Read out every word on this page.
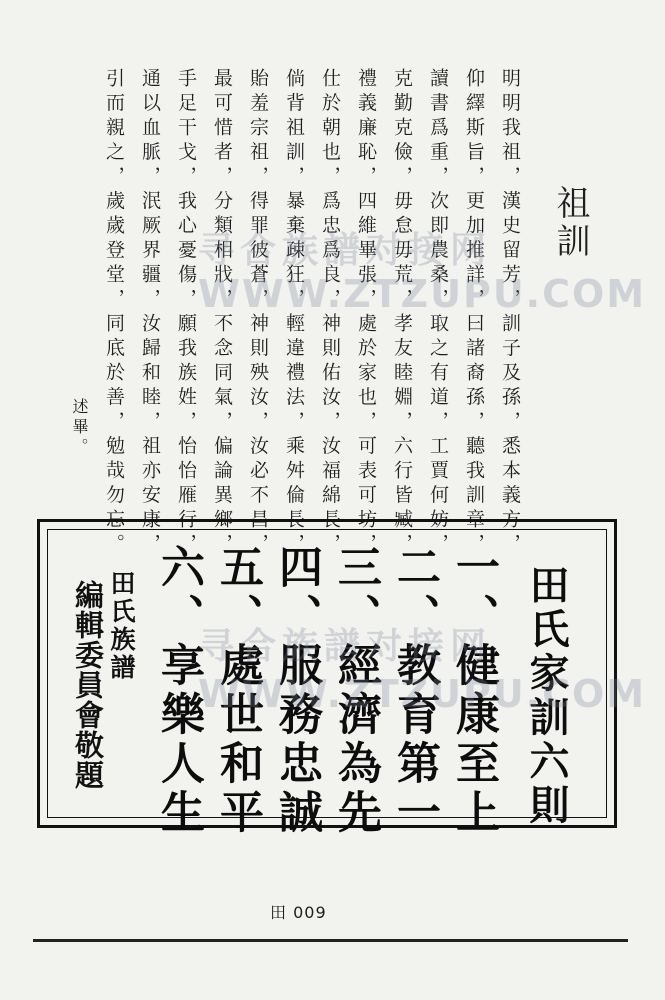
祖訓
明明我祖，漢史留芳，訓子及孫，悉本義方，
仰繹斯旨，更加推詳，曰諸裔孫，聽我訓章，
讀書爲重，次即農桑，取之有道，工賈何妨，
克勤克儉，毋怠毋荒，孝友睦婣，六行皆臧，
禮義廉恥，四維畢張，處於家也，可表可坊，
仕於朝也，爲忠爲良，神則佑汝，汝福綿長，
倘背祖訓，暴棄疎狂，輕違禮法，乘舛倫長，
貽羞宗祖，得罪彼蒼，神則殃汝，汝必不昌，
最可惜者，分類相戕，不念同氣，偏論異鄉，
手足干戈，我心憂傷，願我族姓，怡怡雁行，
通以血脈，泯厥界疆，汝歸和睦，祖亦安康，
引而親之，歲歲登堂，同底於善，勉哉勿忘。
述畢。
田氏家訓六則
一、健康至上
二、教育第一
三、經濟為先
四、服務忠誠
五、處世和平
六、享樂人生
田氏族譜
編輯委員會敬題
田 009
寻合族譜对接网
WWW.ZTZUPU.COM
寻合族譜对接网
WWW.ZTZUPU.COM
